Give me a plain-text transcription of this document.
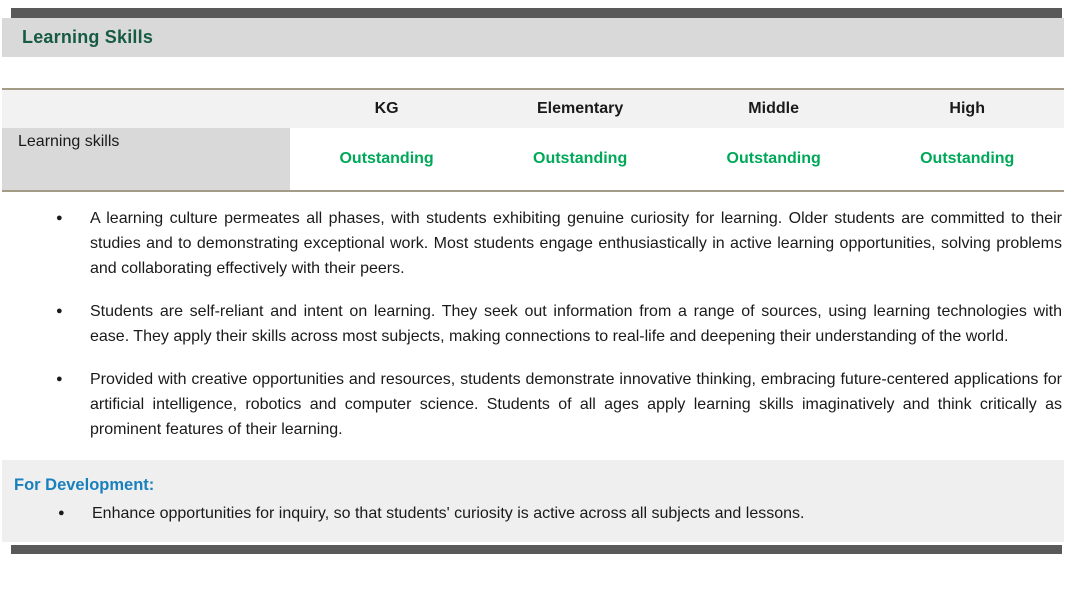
Learning Skills
	KG	Elementary	Middle	High
Learning skills	Outstanding	Outstanding	Outstanding	Outstanding
●	A learning culture permeates all phases, with students exhibiting genuine curiosity for learning. Older students are committed to their studies and to demonstrating exceptional work. Most students engage enthusiastically in active learning opportunities, solving problems and collaborating effectively with their peers.
●	Students are self-reliant and intent on learning. They seek out information from a range of sources, using learning technologies with ease. They apply their skills across most subjects, making connections to real-life and deepening their understanding of the world.
●	Provided with creative opportunities and resources, students demonstrate innovative thinking, embracing future-centered applications for artificial intelligence, robotics and computer science. Students of all ages apply learning skills imaginatively and think critically as prominent features of their learning.
For Development:
●	Enhance opportunities for inquiry, so that students' curiosity is active across all subjects and lessons.
